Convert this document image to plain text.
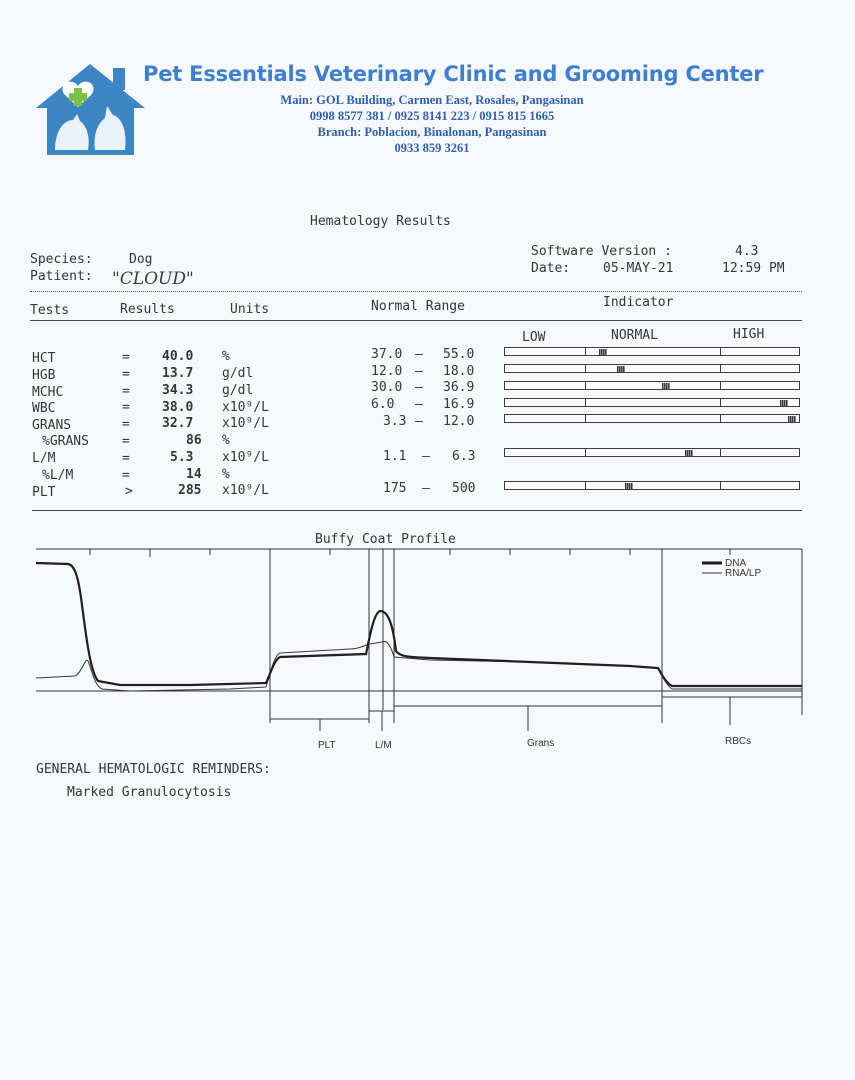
Pet Essentials Veterinary Clinic and Grooming Center
Main: GOL Building, Carmen East, Rosales, Pangasinan
0998 8577 381 / 0925 8141 223 / 0915 815 1665
Branch: Poblacion, Binalonan, Pangasinan
0933 859 3261
Hematology Results
Species:	Dog
Patient: "CLOUD"
Software Version :	4.3
Date:	05-MAY-21	12:59 PM
Tests	Results	Units	Normal Range	Indicator
LOW	NORMAL	HIGH
HCT	= 40.0 %	37.0 – 55.0
HGB	= 13.7 g/dl	12.0 – 18.0
MCHC	= 34.3 g/dl	30.0 – 36.9
WBC	= 38.0 x10⁹/L	6.0 – 16.9
GRANS	= 32.7 x10⁹/L	3.3 – 12.0
%GRANS	=	86 %
L/M	=	5.3 x10⁹/L	1.1 – 6.3
%L/M	=	14 %
PLT	>	285 x10⁹/L	175 – 500
Buffy Coat Profile
DNA
RNA/LP
PLT	L/M	Grans	RBCs
GENERAL HEMATOLOGIC REMINDERS:
Marked Granulocytosis
